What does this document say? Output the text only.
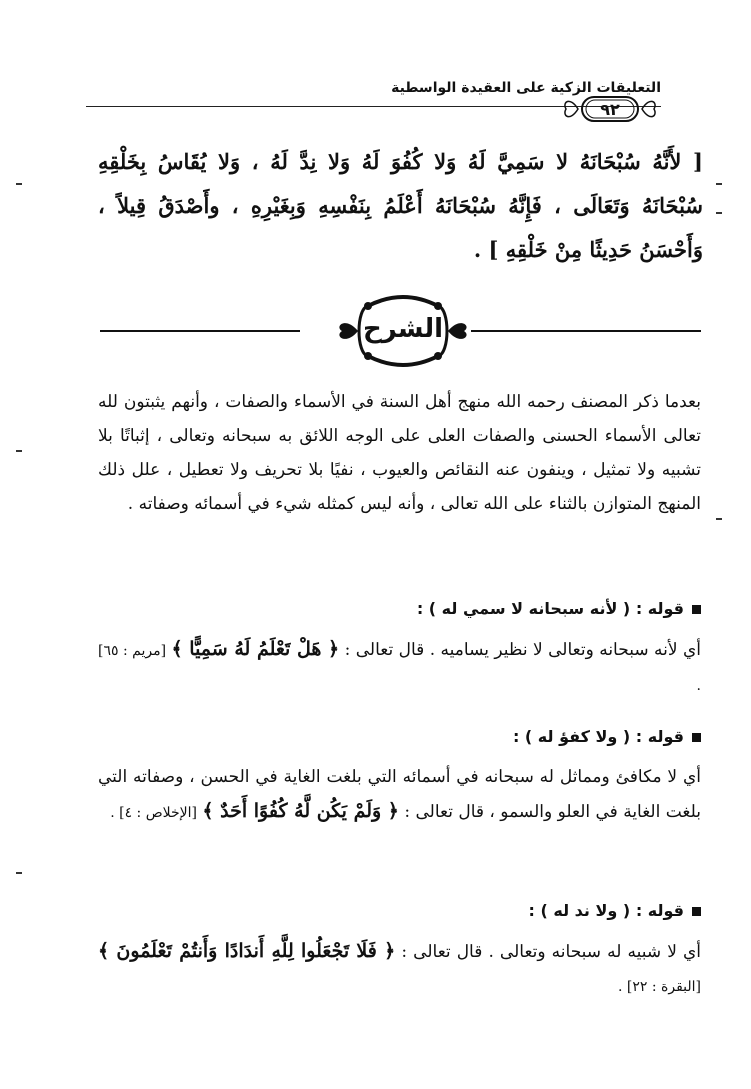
التعليقات الزكية على العقيدة الواسطية
٩٢
[ لأَنَّهُ سُبْحَانَهُ لا سَمِيَّ لَهُ وَلا كُفُوَ لَهُ وَلا نِدَّ لَهُ ، وَلا يُقَاسُ بِخَلْقِهِ سُبْحَانَهُ وَتَعَالَى ، فَإِنَّهُ سُبْحَانَهُ أَعْلَمُ بِنَفْسِهِ وَبِغَيْرِهِ ، وأَصْدَقُ قِيلاً ، وَأَحْسَنُ حَدِيثًا مِنْ خَلْقِهِ ] .
الشرح
بعدما ذكر المصنف رحمه الله منهج أهل السنة في الأسماء والصفات ، وأنهم يثبتون لله تعالى الأسماء الحسنى والصفات العلى على الوجه اللائق به سبحانه وتعالى ، إثباتًا بلا تشبيه ولا تمثيل ، وينفون عنه النقائص والعيوب ، نفيًا بلا تحريف ولا تعطيل ، علل ذلك المنهج المتوازن بالثناء على الله تعالى ، وأنه ليس كمثله شيء في أسمائه وصفاته .
قوله : ( لأنه سبحانه لا سمي له ) :
أي لأنه سبحانه وتعالى لا نظير يساميه . قال تعالى : ﴿ هَلْ تَعْلَمُ لَهُ سَمِيًّا ﴾ [مريم : ٦٥] .
قوله : ( ولا كفؤ له ) :
أي لا مكافئ ومماثل له سبحانه في أسمائه التي بلغت الغاية في الحسن ، وصفاته التي بلغت الغاية في العلو والسمو ، قال تعالى : ﴿ وَلَمْ يَكُن لَّهُ كُفُوًا أَحَدٌ ﴾ [الإخلاص : ٤] .
قوله : ( ولا ند له ) :
أي لا شبيه له سبحانه وتعالى . قال تعالى : ﴿ فَلَا تَجْعَلُوا لِلَّهِ أَندَادًا وَأَنتُمْ تَعْلَمُونَ ﴾ [البقرة : ٢٢] .
